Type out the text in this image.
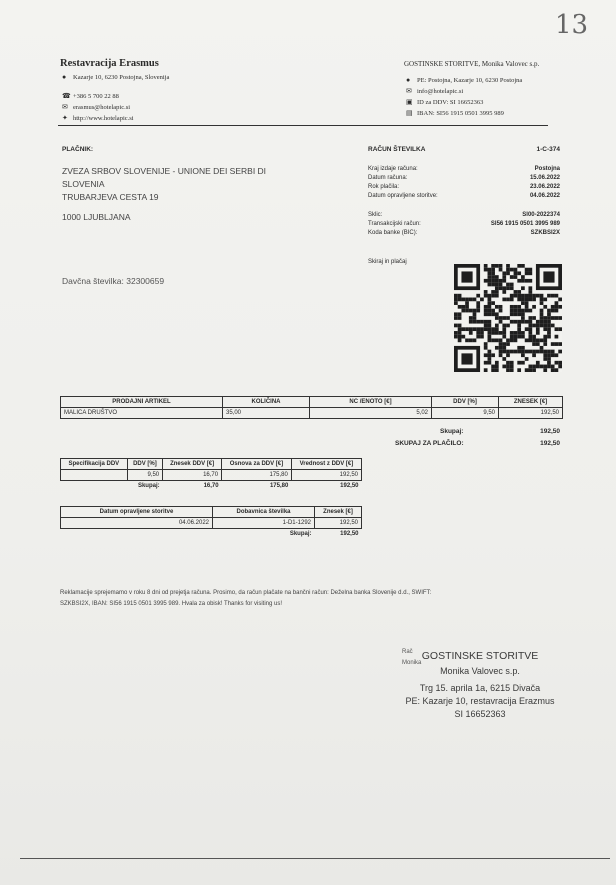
13
Restavracija Erasmus
● Kazarje 10, 6230 Postojna, Slovenija
☎ +386 5 700 22 88
✉ erasmus@hotelapic.si
✦ http://www.hotelapic.si
GOSTINSKE STORITVE, Monika Valovec s.p.
● PE: Postojna, Kazarje 10, 6230 Postojna
✉ info@hotelapic.si
▣ ID za DDV: SI 16652363
▤ IBAN: SI56 1915 0501 3995 989
PLAČNIK:
ZVEZA SRBOV SLOVENIJE - UNIONE DEI SERBI DI
SLOVENIA
TRUBARJEVA CESTA 19
1000 LJUBLJANA
Davčna številka: 32300659
RAČUN ŠTEVILKA	1-C-374
Kraj izdaje računa:	Postojna
Datum računa:	15.06.2022
Rok plačila:	23.06.2022
Datum opravljene storitve:	04.06.2022
Sklic:	SI00-2022374
Transakcijski račun:	SI56 1915 0501 3995 989
Koda banke (BIC):	SZKBSI2X
Skiraj in plačaj
PRODAJNI ARTIKEL	KOLIČINA	NC /ENOTO [€]	DDV [%]	ZNESEK [€]
MALICA DRUŠTVO	35,00	5,02	9,50	192,50
Skupaj:	192,50
SKUPAJ ZA PLAČILO:	192,50
Specifikacija DDV	DDV [%]	Znesek DDV [€]	Osnova za DDV [€]	Vrednost z DDV [€]
	9,50	16,70	175,80	192,50
Skupaj:		16,70	175,80	192,50
Datum opravljene storitve	Dobavnica številka	Znesek [€]
04.06.2022	1-D1-1292	192,50
	Skupaj:	192,50
Reklamacije sprejemamo v roku 8 dni od prejetja računa. Prosimo, da račun plačate na bančni račun: Deželna banka Slovenije d.d., SWIFT:
SZKBSI2X, IBAN: SI56 1915 0501 3995 989. Hvala za obisk! Thanks for visiting us!
Rač
Monika
GOSTINSKE STORITVE
Monika Valovec s.p.
Trg 15. aprila 1a, 6215 Divača
PE: Kazarje 10, restavracija Erazmus
SI 16652363
